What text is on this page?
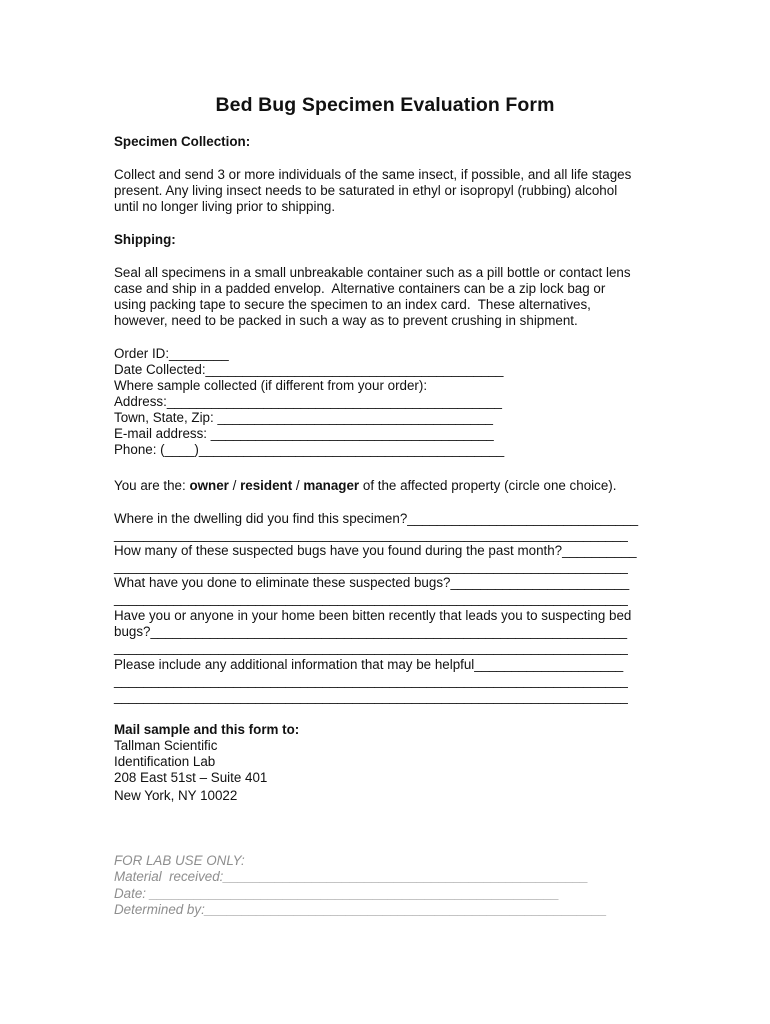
Bed Bug Specimen Evaluation Form
Specimen Collection:
Collect and send 3 or more individuals of the same insect, if possible, and all life stages
present. Any living insect needs to be saturated in ethyl or isopropyl (rubbing) alcohol
until no longer living prior to shipping.
Shipping:
Seal all specimens in a small unbreakable container such as a pill bottle or contact lens
case and ship in a padded envelop.  Alternative containers can be a zip lock bag or
using packing tape to secure the specimen to an index card.  These alternatives,
however, need to be packed in such a way as to prevent crushing in shipment.
Order ID:________
Date Collected:________________________________________
Where sample collected (if different from your order):
Address:_____________________________________________
Town, State, Zip: _____________________________________
E-mail address: ______________________________________
Phone: (____)_________________________________________
You are the: owner / resident / manager of the affected property (circle one choice).
Where in the dwelling did you find this specimen?_______________________________
_____________________________________________________________________
How many of these suspected bugs have you found during the past month?__________
_____________________________________________________________________
What have you done to eliminate these suspected bugs?________________________
_____________________________________________________________________
Have you or anyone in your home been bitten recently that leads you to suspecting bed
bugs?________________________________________________________________
_____________________________________________________________________
Please include any additional information that may be helpful____________________
_____________________________________________________________________
_____________________________________________________________________
Mail sample and this form to:
Tallman Scientific
Identification Lab
208 East 51st – Suite 401
New York, NY 10022
FOR LAB USE ONLY:
Material  received:_________________________________________________
Date: _______________________________________________________
Determined by:______________________________________________________
